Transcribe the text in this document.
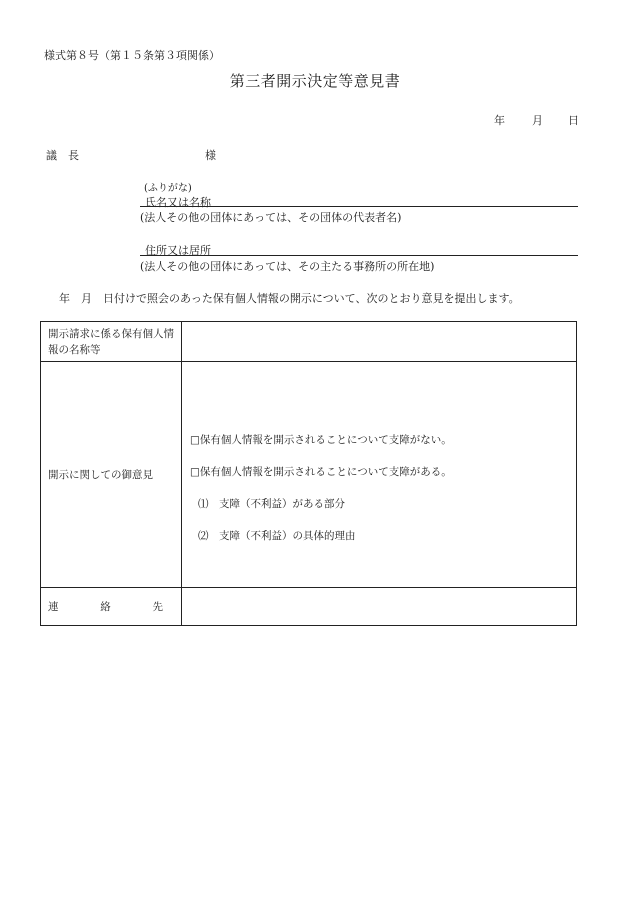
様式第８号（第１５条第３項関係）
第三者開示決定等意見書
年 月 日
議　長	様
(ふりがな)
氏名又は名称
(法人その他の団体にあっては、その団体の代表者名)
住所又は居所
(法人その他の団体にあっては、その主たる事務所の所在地)
年　月　日付けで照会のあった保有個人情報の開示について、次のとおり意見を提出します。
開示請求に係る保有個人情報の名称等	
開示に関しての御意見	□保有個人情報を開示されることについて支障がない。
□保有個人情報を開示されることについて支障がある。
⑴　支障（不利益）がある部分
⑵　支障（不利益）の具体的理由

連 絡 先	
